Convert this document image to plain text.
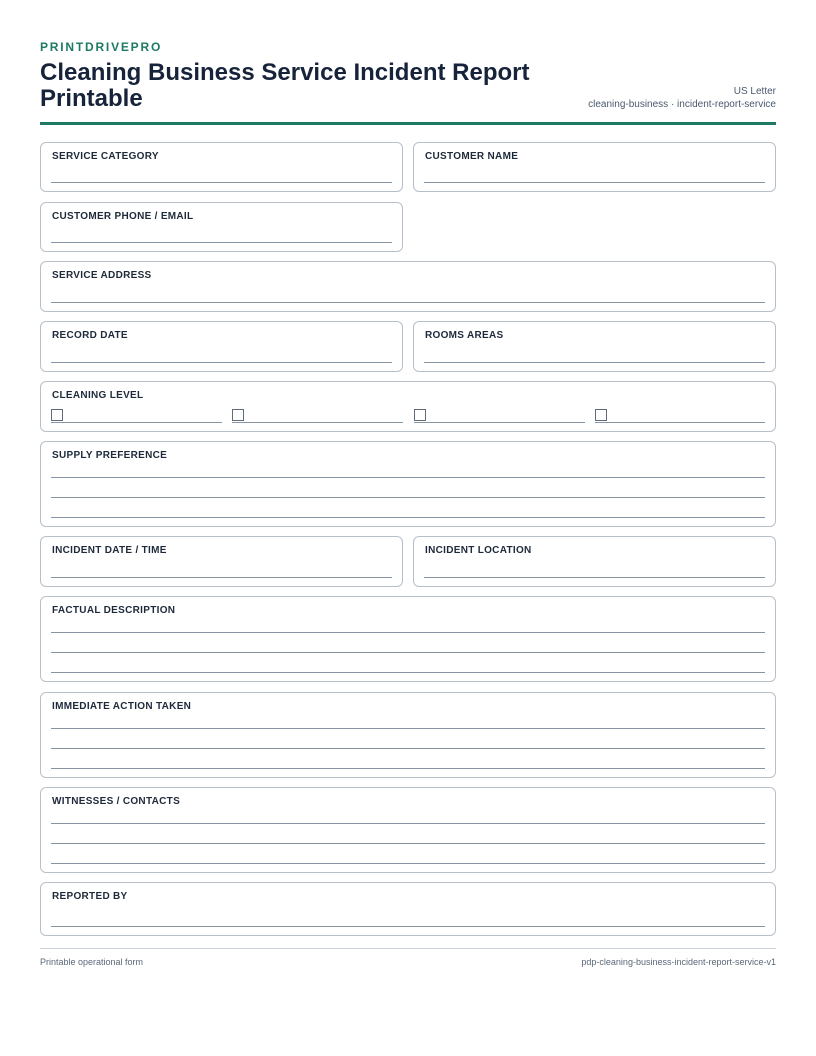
PRINTDRIVEPRO
Cleaning Business Service Incident Report Printable	US Letter
cleaning-business · incident-report-service
SERVICE CATEGORY	CUSTOMER NAME
CUSTOMER PHONE / EMAIL
SERVICE ADDRESS
RECORD DATE	ROOMS AREAS
CLEANING LEVEL
SUPPLY PREFERENCE
INCIDENT DATE / TIME	INCIDENT LOCATION
FACTUAL DESCRIPTION
IMMEDIATE ACTION TAKEN
WITNESSES / CONTACTS
REPORTED BY
Printable operational form	pdp-cleaning-business-incident-report-service-v1
